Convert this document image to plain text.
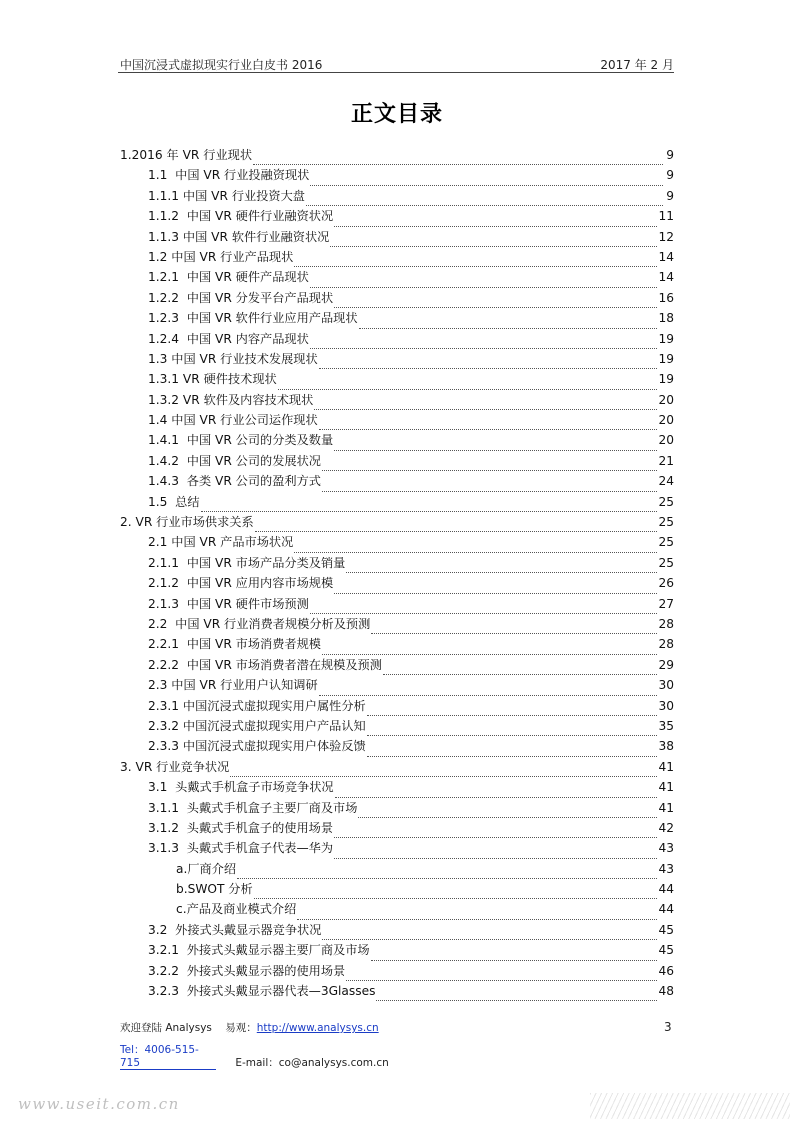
中国沉浸式虚拟现实行业白皮书 2016	2017 年 2 月
正文目录
1.2016 年 VR 行业现状	9
1.1  中国 VR 行业投融资现状	9
1.1.1 中国 VR 行业投资大盘	9
1.1.2  中国 VR 硬件行业融资状况	11
1.1.3 中国 VR 软件行业融资状况	12
1.2 中国 VR 行业产品现状	14
1.2.1  中国 VR 硬件产品现状	14
1.2.2  中国 VR 分发平台产品现状	16
1.2.3  中国 VR 软件行业应用产品现状	18
1.2.4  中国 VR 内容产品现状	19
1.3 中国 VR 行业技术发展现状	19
1.3.1 VR 硬件技术现状	19
1.3.2 VR 软件及内容技术现状	20
1.4 中国 VR 行业公司运作现状	20
1.4.1  中国 VR 公司的分类及数量	20
1.4.2  中国 VR 公司的发展状况	21
1.4.3  各类 VR 公司的盈利方式	24
1.5  总结	25
2. VR 行业市场供求关系	25
2.1 中国 VR 产品市场状况	25
2.1.1  中国 VR 市场产品分类及销量	25
2.1.2  中国 VR 应用内容市场规模	26
2.1.3  中国 VR 硬件市场预测	27
2.2  中国 VR 行业消费者规模分析及预测	28
2.2.1  中国 VR 市场消费者规模	28
2.2.2  中国 VR 市场消费者潜在规模及预测	29
2.3 中国 VR 行业用户认知调研	30
2.3.1 中国沉浸式虚拟现实用户属性分析	30
2.3.2 中国沉浸式虚拟现实用户产品认知	35
2.3.3 中国沉浸式虚拟现实用户体验反馈	38
3. VR 行业竞争状况	41
3.1  头戴式手机盒子市场竞争状况	41
3.1.1  头戴式手机盒子主要厂商及市场	41
3.1.2  头戴式手机盒子的使用场景	42
3.1.3  头戴式手机盒子代表—华为	43
a.厂商介绍	43
b.SWOT 分析	44
c.产品及商业模式介绍	44
3.2  外接式头戴显示器竞争状况	45
3.2.1  外接式头戴显示器主要厂商及市场	45
3.2.2  外接式头戴显示器的使用场景	46
3.2.3  外接式头戴显示器代表—3Glasses	48
欢迎登陆 Analysys 易观：http://www.analysys.cn	3
Tel：4006-515-715	E-mail：co@analysys.com.cn
www.useit.com.cn
